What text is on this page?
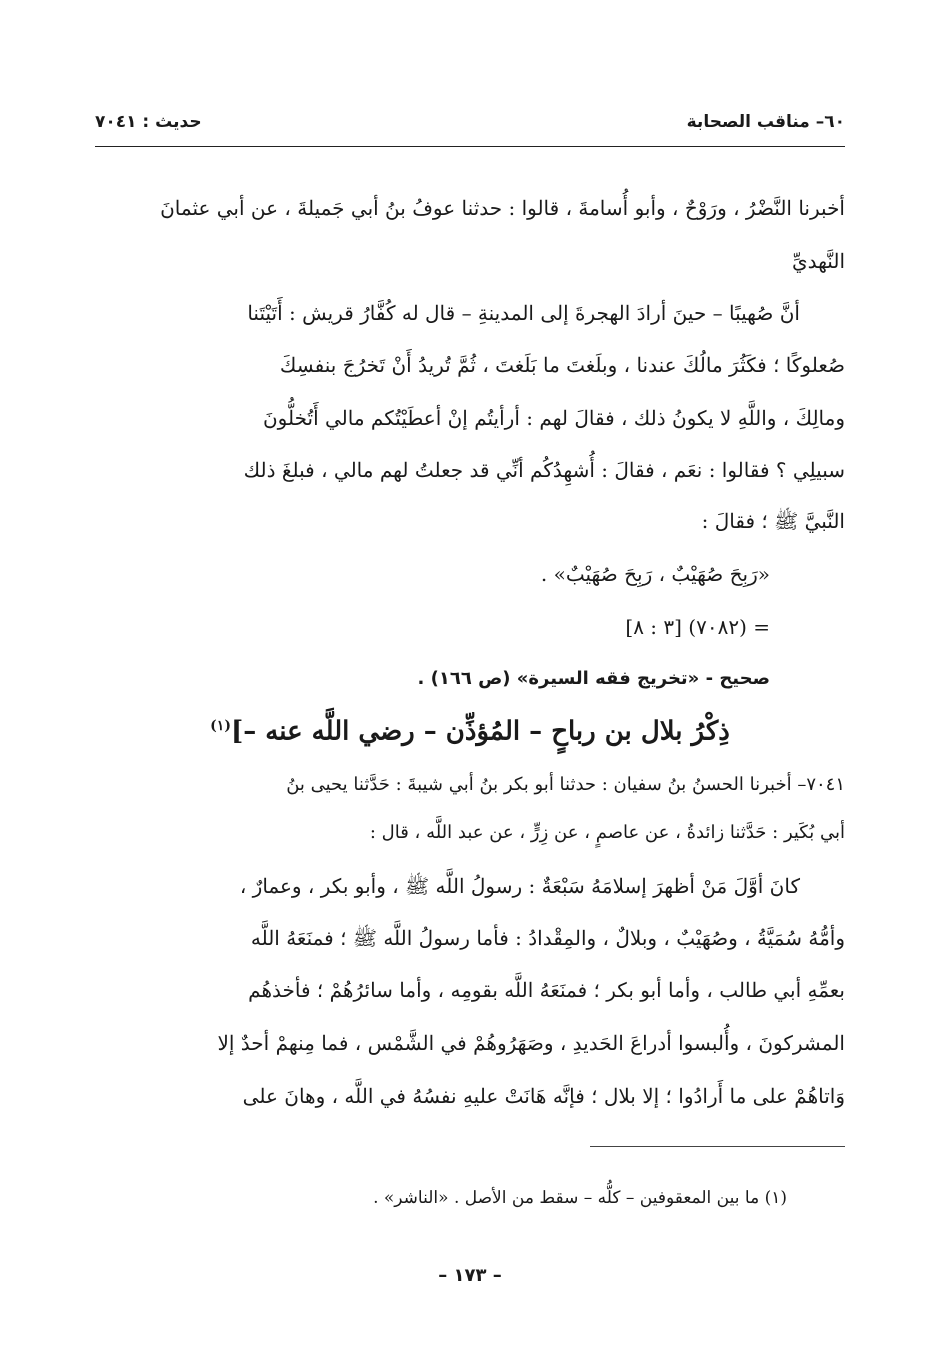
٦٠– مناقب الصحابة
حديث : ٧٠٤١
أخبرنا النَّضْرُ ، ورَوْحٌ ، وأبو أُسامةَ ، قالوا : حدثنا عوفُ بنُ أبي جَميلةَ ، عن أبي عثمانَ
النَّهديِّ
أنَّ صُهيبًا – حينَ أرادَ الهجرةَ إلى المدينةِ – قال له كُفَّارُ قريش : أَتَيْتَنا
صُعلوكًا ؛ فكَثُرَ مالُكَ عندنا ، وبلَغتَ ما بَلَغتَ ، ثُمَّ تُريدُ أَنْ تَخرُجَ بنفسِكَ
ومالِكَ ، واللَّهِ لا يكونُ ذلك ، فقالَ لهم : أرأيتُم إنْ أعطَيْتُكم مالي أَتُخلُّونَ
سبيلِي ؟ فقالوا : نعَم ، فقالَ : أُشهِدُكُم أنِّي قد جعلتُ لهم مالي ، فبلغَ ذلك
النَّبيَّ ﷺ ؛ فقالَ :
«رَبِحَ صُهَيْبٌ ، رَبِحَ صُهَيْبٌ» .
= (٧٠٨٢) [٣ : ٨]
صحيح - «تخريج فقه السيرة» (ص ١٦٦) .
ذِكْرُ بلال بن رباحٍ – المُؤذِّن – رضي اللَّه عنه –]$^{(١)}$
٧٠٤١– أخبرنا الحسنُ بنُ سفيان : حدثنا أبو بكر بنُ أبي شيبةَ : حَدَّثنا يحيى بنُ
أبي بُكَير : حَدَّثنا زائدةُ ، عن عاصمٍ ، عن زِرٍّ ، عن عبد اللَّه ، قال :
كانَ أوَّلَ مَنْ أظهرَ إسلامَهُ سَبْعَةٌ : رسولُ اللَّه ﷺ ، وأبو بكر ، وعمارٌ ،
وأمُّهُ سُمَيَّةُ ، وصُهَيْبٌ ، وبلالٌ ، والمِقْدادُ : فأما رسولُ اللَّه ﷺ ؛ فمنَعَهُ اللَّه
بعمِّهِ أبي طالب ، وأما أبو بكر ؛ فمنَعَهُ اللَّه بقومِه ، وأما سائرُهُمْ ؛ فأخذهُم
المشركونَ ، وأُلبسوا أدراعَ الحَديدِ ، وصَهَرُوهُمْ في الشَّمْس ، فما مِنهمْ أحدٌ إلا
وَاتاهُمْ على ما أَرادُوا ؛ إلا بلال ؛ فإنَّه هَانَتْ عليهِ نفسُهُ في اللَّه ، وهانَ على
(١) ما بين المعقوفين – كلُّه – سقط من الأصل . «الناشر» .
– ١٧٣ –
